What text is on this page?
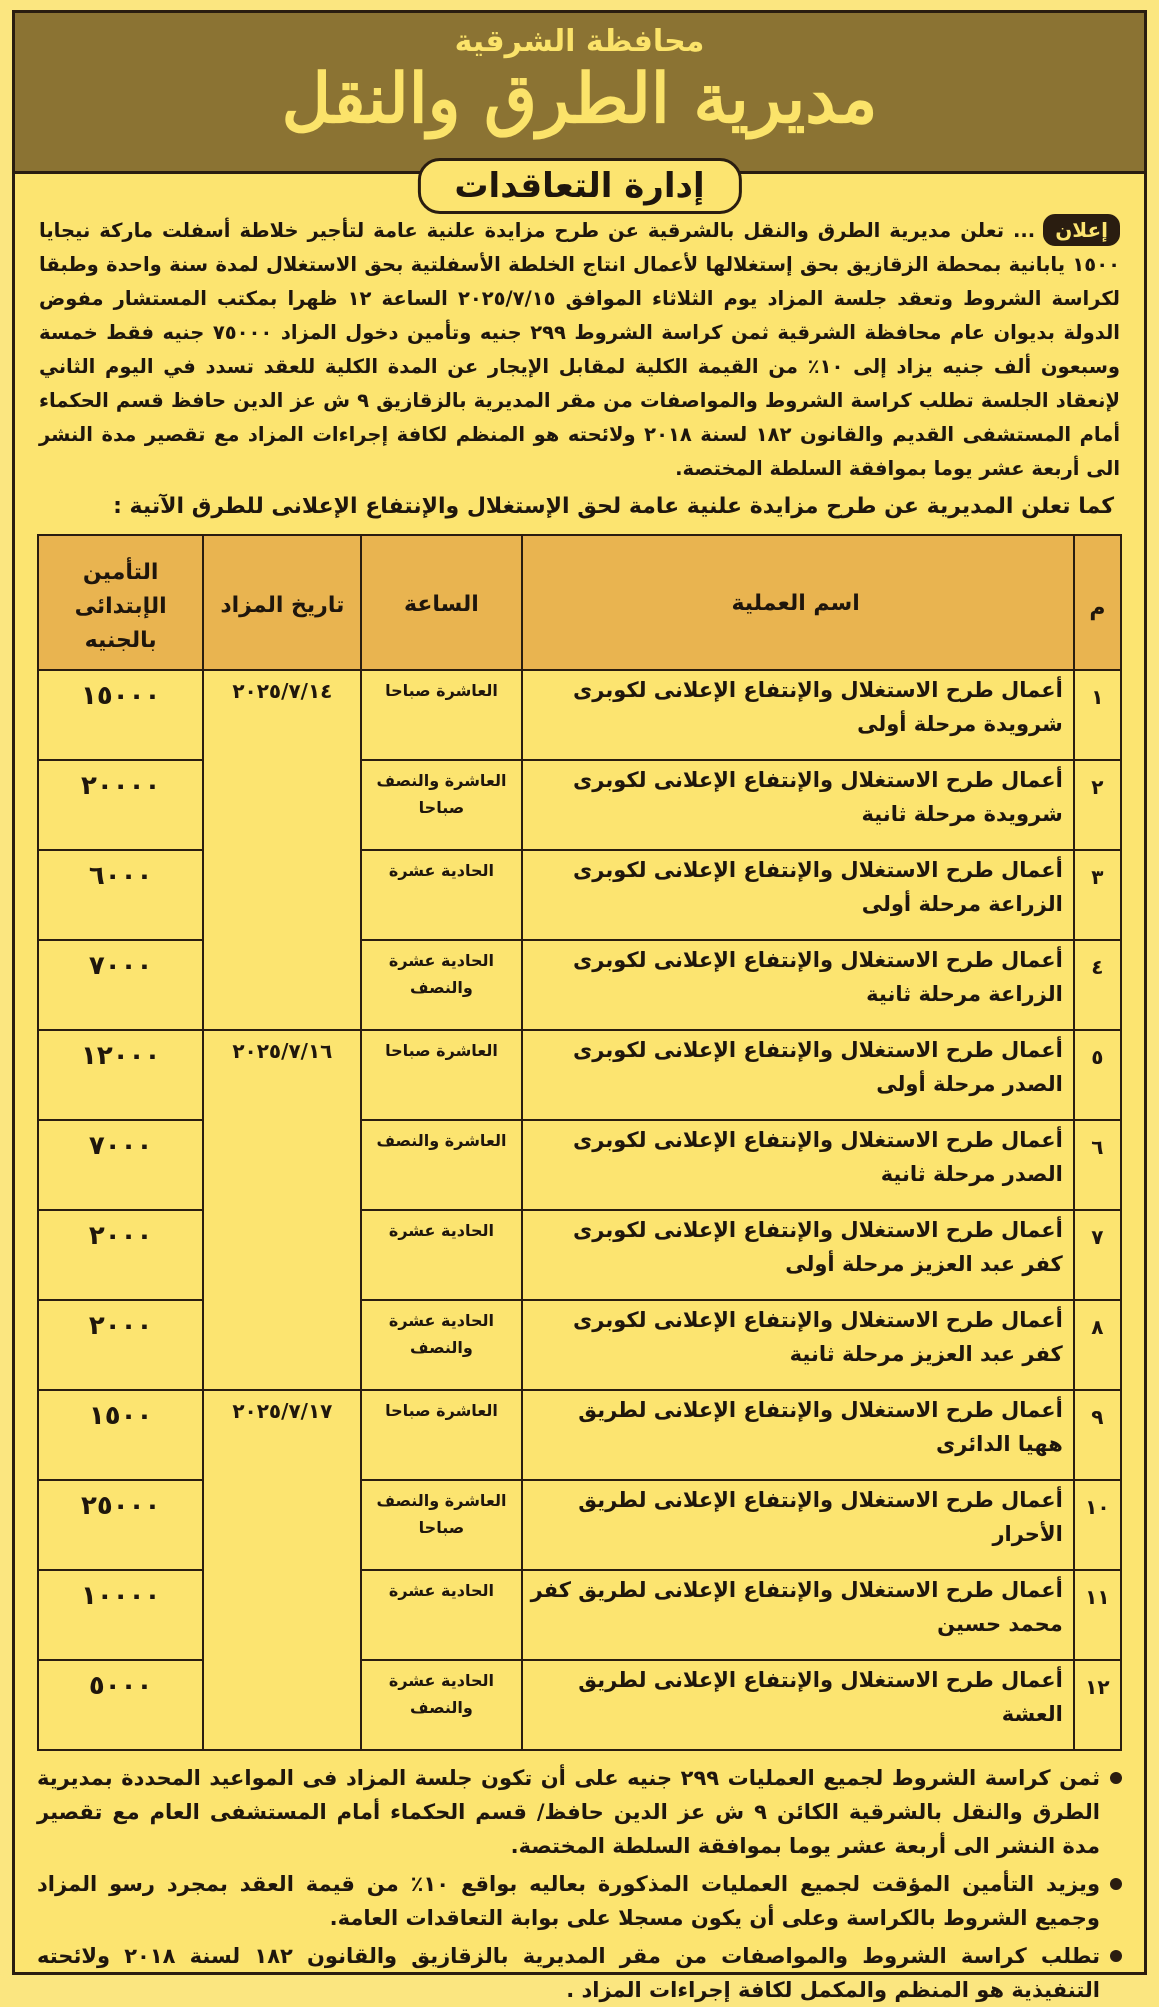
محافظة الشرقية
مديرية الطرق والنقل
إدارة التعاقدات
إعلان... تعلن مديرية الطرق والنقل بالشرقية عن طرح مزايدة علنية عامة لتأجير خلاطة أسفلت ماركة نيجايا ١٥٠٠ يابانية بمحطة الزقازيق بحق إستغلالها لأعمال انتاج الخلطة الأسفلتية بحق الاستغلال لمدة سنة واحدة وطبقا لكراسة الشروط وتعقد جلسة المزاد يوم الثلاثاء الموافق ٢٠٢٥/٧/١٥ الساعة ١٢ ظهرا بمكتب المستشار مفوض الدولة بديوان عام محافظة الشرقية ثمن كراسة الشروط ٢٩٩ جنيه وتأمين دخول المزاد ٧٥٠٠٠ جنيه فقط خمسة وسبعون ألف جنيه يزاد إلى ١٠٪ من القيمة الكلية لمقابل الإيجار عن المدة الكلية للعقد تسدد في اليوم الثاني لإنعقاد الجلسة تطلب كراسة الشروط والمواصفات من مقر المديرية بالزقازيق ٩ ش عز الدين حافظ قسم الحكماء أمام المستشفى القديم والقانون ١٨٢ لسنة ٢٠١٨ ولائحته هو المنظم لكافة إجراءات المزاد مع تقصير مدة النشر الى أربعة عشر يوما بموافقة السلطة المختصة.
كما تعلن المديرية عن طرح مزايدة علنية عامة لحق الإستغلال والإنتفاع الإعلانى للطرق الآتية :
م	اسم العملية	الساعة	تاريخ المزاد	التأمين الإبتدائى بالجنيه
١	أعمال طرح الاستغلال والإنتفاع الإعلانى لكوبرى شرويدة مرحلة أولى	العاشرة صباحا	٢٠٢٥/٧/١٤	١٥٠٠٠
٢	أعمال طرح الاستغلال والإنتفاع الإعلانى لكوبرى شرويدة مرحلة ثانية	العاشرة والنصف صباحا		٢٠٠٠٠
٣	أعمال طرح الاستغلال والإنتفاع الإعلانى لكوبرى الزراعة مرحلة أولى	الحادية عشرة		٦٠٠٠
٤	أعمال طرح الاستغلال والإنتفاع الإعلانى لكوبرى الزراعة مرحلة ثانية	الحادية عشرة والنصف		٧٠٠٠
٥	أعمال طرح الاستغلال والإنتفاع الإعلانى لكوبرى الصدر مرحلة أولى	العاشرة صباحا	٢٠٢٥/٧/١٦	١٢٠٠٠
٦	أعمال طرح الاستغلال والإنتفاع الإعلانى لكوبرى الصدر مرحلة ثانية	العاشرة والنصف		٧٠٠٠
٧	أعمال طرح الاستغلال والإنتفاع الإعلانى لكوبرى كفر عبد العزيز مرحلة أولى	الحادية عشرة		٢٠٠٠
٨	أعمال طرح الاستغلال والإنتفاع الإعلانى لكوبرى كفر عبد العزيز مرحلة ثانية	الحادية عشرة والنصف		٢٠٠٠
٩	أعمال طرح الاستغلال والإنتفاع الإعلانى لطريق ههيا الدائرى	العاشرة صباحا	٢٠٢٥/٧/١٧	١٥٠٠
١٠	أعمال طرح الاستغلال والإنتفاع الإعلانى لطريق الأحرار	العاشرة والنصف صباحا		٢٥٠٠٠
١١	أعمال طرح الاستغلال والإنتفاع الإعلانى لطريق كفر محمد حسين	الحادية عشرة		١٠٠٠٠
١٢	أعمال طرح الاستغلال والإنتفاع الإعلانى لطريق العشة	الحادية عشرة والنصف		٥٠٠٠
ثمن كراسة الشروط لجميع العمليات ٢٩٩ جنيه على أن تكون جلسة المزاد فى المواعيد المحددة بمديرية الطرق والنقل بالشرقية الكائن ٩ ش عز الدين حافظ/ قسم الحكماء أمام المستشفى العام مع تقصير مدة النشر الى أربعة عشر يوما بموافقة السلطة المختصة.
ويزيد التأمين المؤقت لجميع العمليات المذكورة بعاليه بواقع ١٠٪ من قيمة العقد بمجرد رسو المزاد وجميع الشروط بالكراسة وعلى أن يكون مسجلا على بوابة التعاقدات العامة.
تطلب كراسة الشروط والمواصفات من مقر المديرية بالزقازيق والقانون ١٨٢ لسنة ٢٠١٨ ولائحته التنفيذية هو المنظم والمكمل لكافة إجراءات المزاد .
